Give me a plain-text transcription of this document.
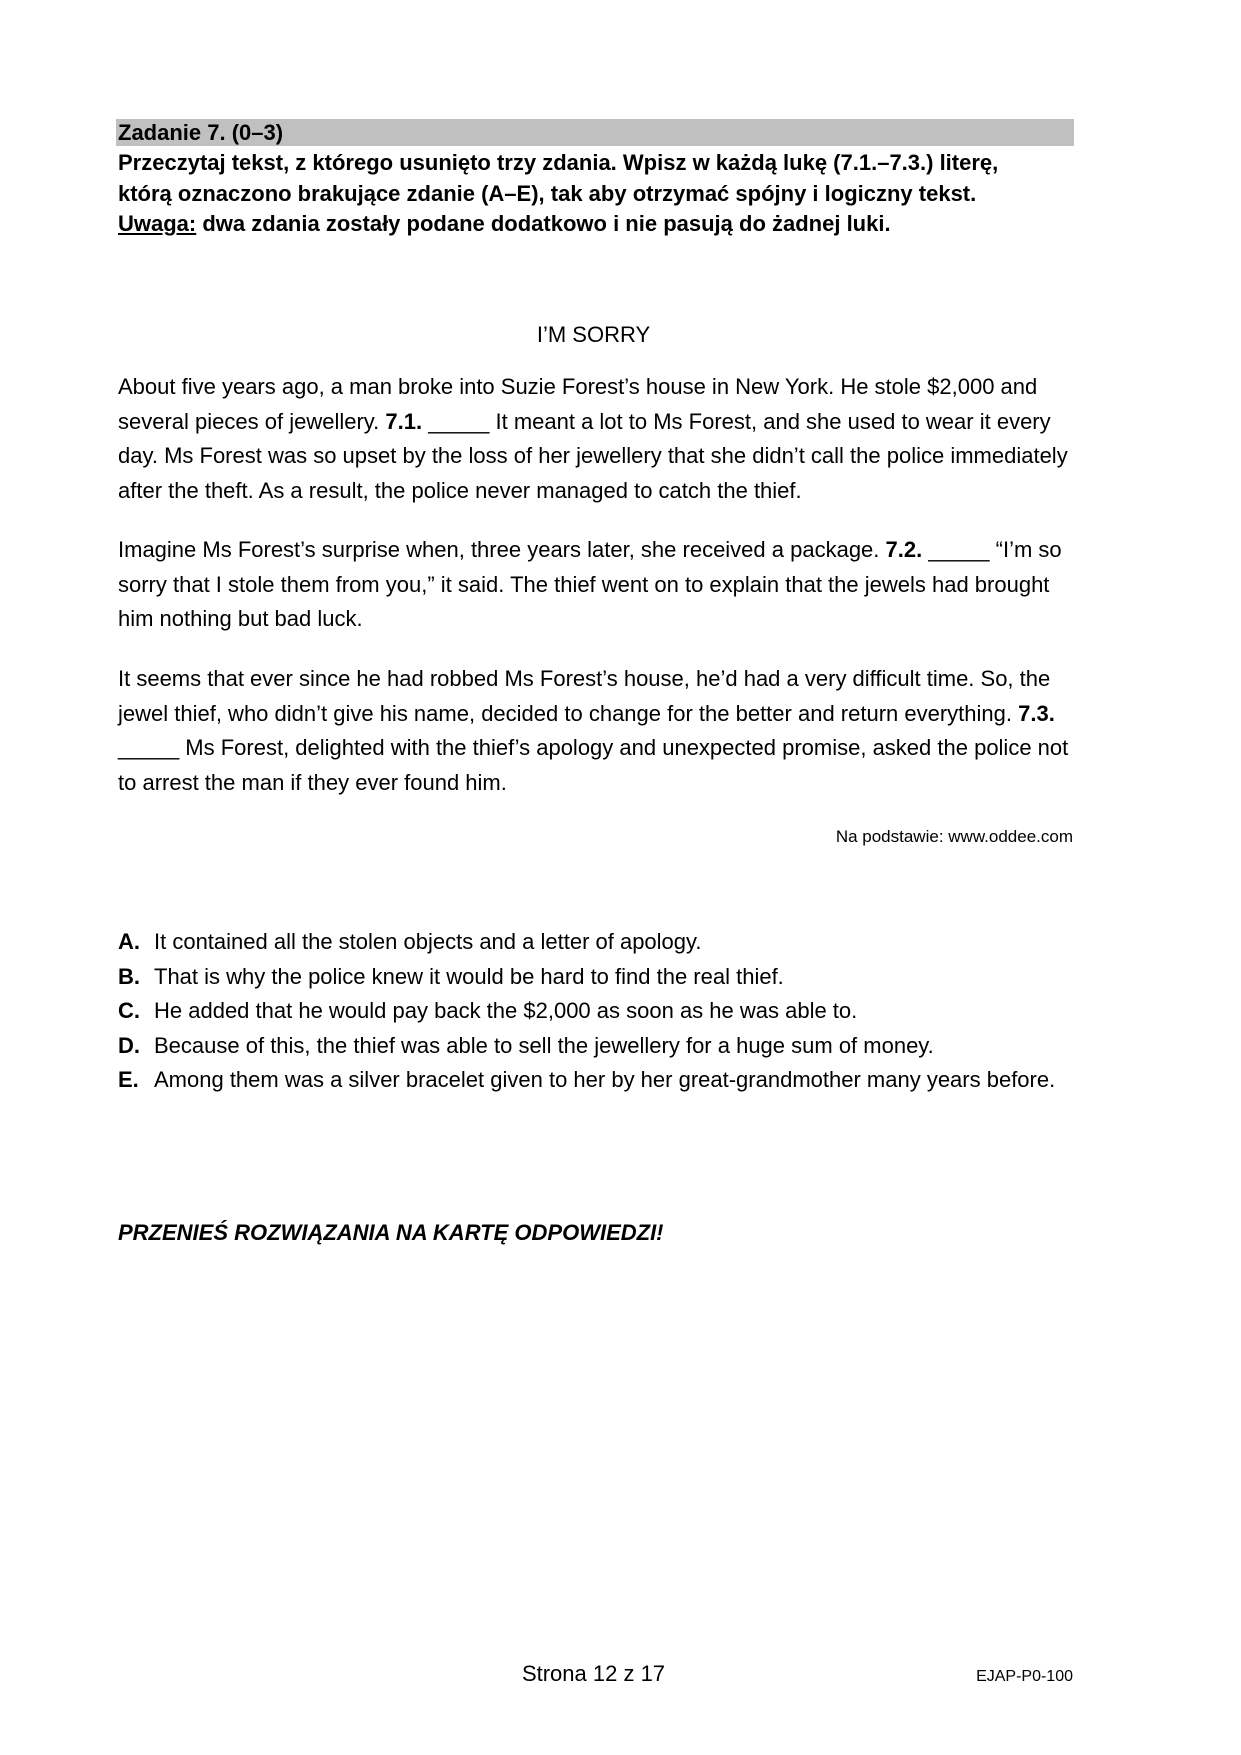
Zadanie 7. (0–3)
Przeczytaj tekst, z którego usunięto trzy zdania. Wpisz w każdą lukę (7.1.–7.3.) literę,
którą oznaczono brakujące zdanie (A–E), tak aby otrzymać spójny i logiczny tekst.
Uwaga: dwa zdania zostały podane dodatkowo i nie pasują do żadnej luki.
I’M SORRY

About five years ago, a man broke into Suzie Forest’s house in New York. He stole $2,000 and several pieces of jewellery. 7.1. _____ It meant a lot to Ms Forest, and she used to wear it every day. Ms Forest was so upset by the loss of her jewellery that she didn’t call the police immediately after the theft. As a result, the police never managed to catch the thief.

Imagine Ms Forest’s surprise when, three years later, she received a package. 7.2. _____ “I’m so sorry that I stole them from you,” it said. The thief went on to explain that the jewels had brought him nothing but bad luck.

It seems that ever since he had robbed Ms Forest’s house, he’d had a very difficult time. So, the jewel thief, who didn’t give his name, decided to change for the better and return everything. 7.3. _____ Ms Forest, delighted with the thief’s apology and unexpected promise, asked the police not to arrest the man if they ever found him.

Na podstawie: www.oddee.com
A. It contained all the stolen objects and a letter of apology.
B. That is why the police knew it would be hard to find the real thief.
C. He added that he would pay back the $2,000 as soon as he was able to.
D. Because of this, the thief was able to sell the jewellery for a huge sum of money.
E. Among them was a silver bracelet given to her by her great-grandmother many years before.
PRZENIEŚ ROZWIĄZANIA NA KARTĘ ODPOWIEDZI!
Strona 12 z 17	EJAP-P0-100
